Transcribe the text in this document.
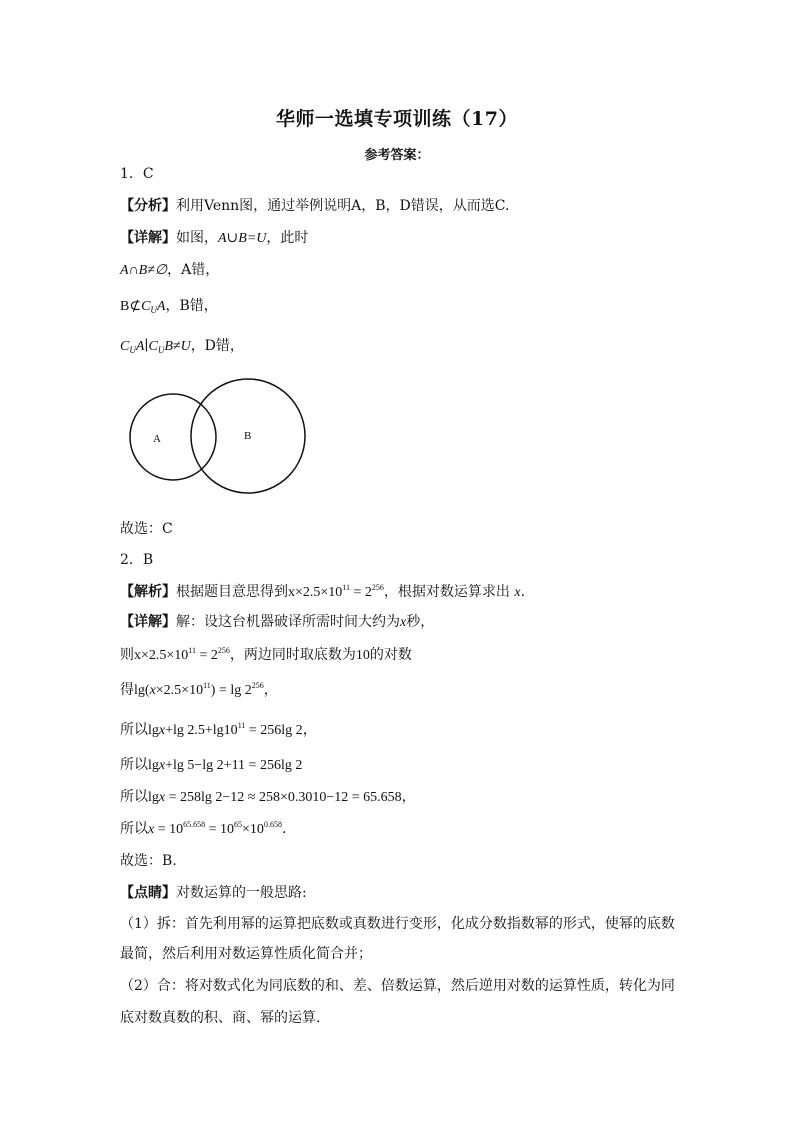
华师一选填专项训练（17）
参考答案：
1．C
【分析】利用Venn图，通过举例说明A，B，D错误，从而选C.
【详解】如图，A∪B=U，此时
A∩B≠∅，A错，
$B⊄C_UA$，B错，
$C_UA∣C_UB\ne U$，D错，
A	B
故选：C
2．B
【解析】根据题目意思得到$x\times 2.5\times 10^{11} = 2^{256}$，根据对数运算求出 x.
【详解】解：设这台机器破译所需时间大约为x秒，
则$x\times 2.5\times 10^{11} = 2^{256}$，两边同时取底数为10的对数
得$\lg(x\times 2.5\times 10^{11}) = \lg 2^{256}$，
所以lgx+lg $2.5+\lg 10^{11} = 256\lg$ 2，
所以lgx+lg 5−lg 2+11 = 256lg 2
所以lgx = 258lg 2−12 ≈ 258×0.3010−12 = 65.658，
所以$x = 10^{65.658} = 10^{65}\times 10^{0.658}$.
故选：B.
【点睛】对数运算的一般思路:
（1）拆：首先利用幂的运算把底数或真数进行变形，化成分数指数幂的形式，使幂的底数
最简，然后利用对数运算性质化简合并；
（2）合：将对数式化为同底数的和、差、倍数运算，然后逆用对数的运算性质，转化为同
底对数真数的积、商、幂的运算.
